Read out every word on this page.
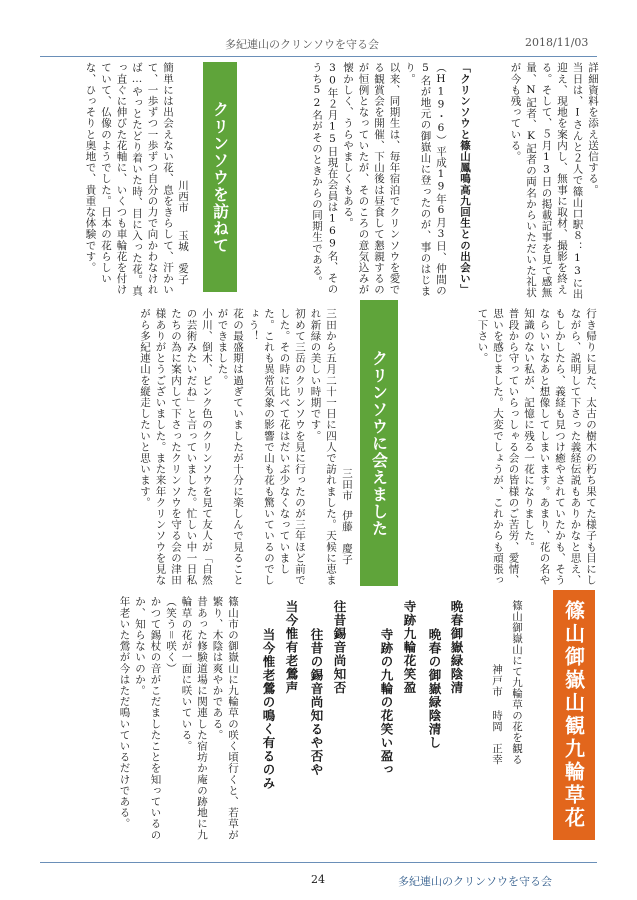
多紀連山のクリンソウを守る会	2018/11/03
詳細資料を添え送信する。
当日は、Iさんと２人で篠山口駅８：13に出迎え、現地を案内し、無事に取材、撮影を終える。そして、５月13日の掲載記事を見て感無量、N記者、K記者の両名からいただいた礼状が今も残っている。
「クリンソウと篠山鳳鳴高九回生との出会い」
（H19・6）平成19年6月3日、仲間の5名が地元の御嶽山に登ったのが、事のはじまり。
以来、同期生は、毎年宿泊でクリンソウを愛でる観賞会を開催、下山後は昼食して懇親するのが恒例となっていたが、そのころの意気込みが懐かしく、うらやましくもある。
30年２月15日現在会員は169名、そのうち52名がそのときからの同期生である。
クリンソウを訪ねて
川西市
玉城　愛子
簡単には出会えない花、息をきらして、汗かいて、一歩ずつ一歩ずつ自分の力で向かわなければ…やっとたどり着いた時、目に入った花。真っ直ぐに伸びた花軸に、いくつも車輪花を付けていて、仏像のようでした。日本の花らしいな、ひっそりと奥地で、貴重な体験です。
行き帰りに見た、太古の樹木の朽ち果てた様子も目にしながら、説明して下さった義経伝説もありかなと思え、もしかしたら、義経も見つけ癒やされていたかも、そうならいいなあと想像してしまいます。あまり、花の名や知識のない私が、記憶に残る一花になりました。
普段から守っていらっしゃる会の皆様のご苦労、愛情、思いを感じました。大変でしょうが、これからも頑張って下さい。
クリンソウに会えました
三田市
伊藤　慶子
三田から五月二十一日に四人で訪れました。天候に恵まれ新緑の美しい時期です。
初めて三岳のクリンソウを見に行ったのが三年ほど前でした。その時に比べて花はだいぶ少なくなっていました。これも異常気象の影響で山も花も驚いているのでしょう！
花の最盛期は過ぎていましたが十分に楽しんで見ることができました。
小川、倒木、ピンク色のクリンソウを見て友人が「自然の芸術みたいだね」と言っていました。忙しい中一日私たちの為に案内して下さったクリンソウを守る会の津田様ありがとうございました。また来年クリンソウを見ながら多紀連山を縦走したいと思います。
篠山御嶽山観九輪草花
篠山御嶽山にて九輪草の花を観る
神戸市
時岡　正幸
晩春御嶽緑陰清
晩春の御嶽緑陰清し
寺跡九輪花笑盈
寺跡の九輪の花笑い盈っ
往昔錫音尚知否
往昔の錫音尚知るや否や
当今惟有老鶯声
当今惟老鶯の鳴く有るのみ
篠山市の御嶽山に九輪草の咲く頃行くと、若草が繁り、木陰は爽やかである。
昔あった修験道場に関連した宿坊か庵の跡地に九輪草の花が一面に咲いている。
（笑う＝咲く）
かつて錫杖の音がこだましたことを知っているのか、知らないのか。
年老いた鶯が今はただ鳴いているだけである。
24	多紀連山のクリンソウを守る会
